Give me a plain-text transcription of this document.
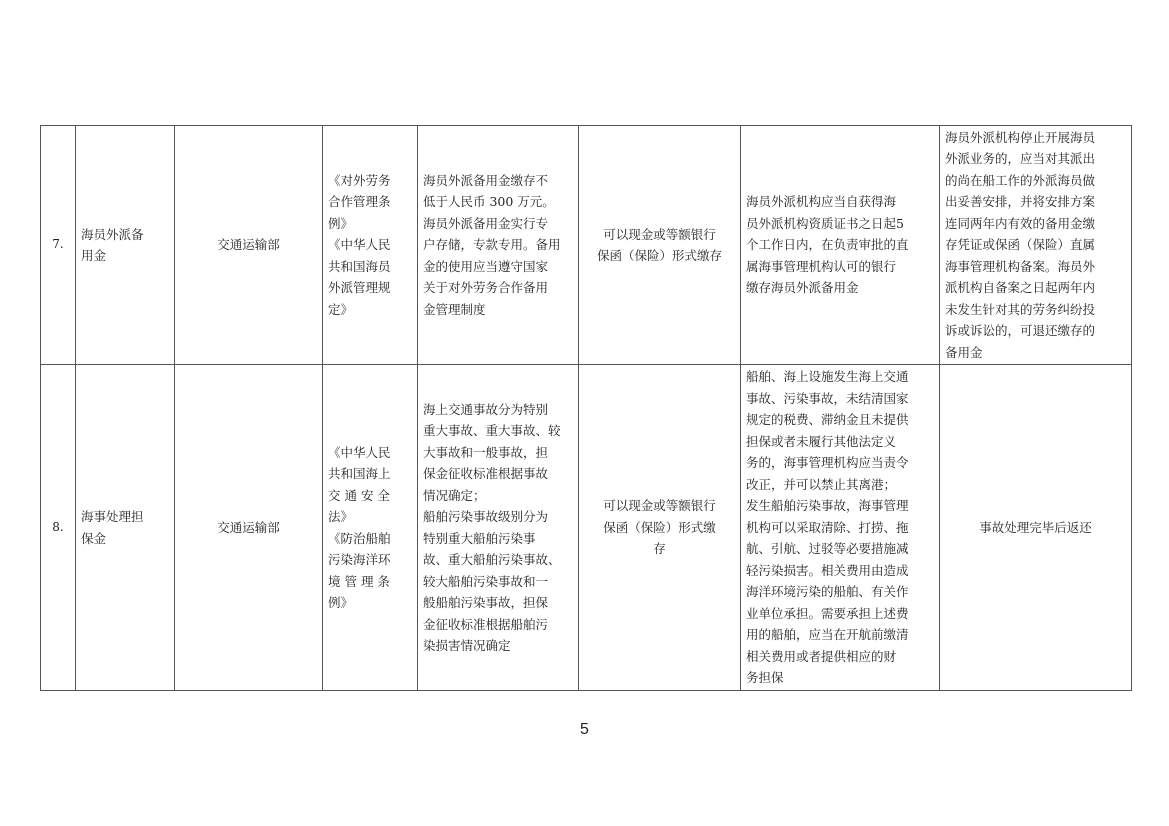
7.	海员外派备
用金	交通运输部	《对外劳务
合作管理条
例》
《中华人民
共和国海员
外派管理规
定》	海员外派备用金缴存不
低于人民币 300 万元。
海员外派备用金实行专
户存储，专款专用。备用
金的使用应当遵守国家
关于对外劳务合作备用
金管理制度	可以现金或等额银行
保函（保险）形式缴存	海员外派机构应当自获得海
员外派机构资质证书之日起5
个工作日内，在负责审批的直
属海事管理机构认可的银行
缴存海员外派备用金	海员外派机构停止开展海员
外派业务的，应当对其派出
的尚在船工作的外派海员做
出妥善安排，并将安排方案
连同两年内有效的备用金缴
存凭证或保函（保险）直属
海事管理机构备案。海员外
派机构自备案之日起两年内
未发生针对其的劳务纠纷投
诉或诉讼的，可退还缴存的
备用金
8.	海事处理担
保金	交通运输部	《中华人民
共和国海上
交 通 安 全
法》
《防治船舶
污染海洋环
境 管 理 条
例》	海上交通事故分为特别
重大事故、重大事故、较
大事故和一般事故，担
保金征收标准根据事故
情况确定；
船舶污染事故级别分为
特别重大船舶污染事
故、重大船舶污染事故、
较大船舶污染事故和一
般船舶污染事故，担保
金征收标准根据船舶污
染损害情况确定	可以现金或等额银行
保函（保险）形式缴
存	船舶、海上设施发生海上交通
事故、污染事故，未结清国家
规定的税费、滞纳金且未提供
担保或者未履行其他法定义
务的，海事管理机构应当责令
改正，并可以禁止其离港；
发生船舶污染事故，海事管理
机构可以采取清除、打捞、拖
航、引航、过驳等必要措施减
轻污染损害。相关费用由造成
海洋环境污染的船舶、有关作
业单位承担。需要承担上述费
用的船舶，应当在开航前缴清
相关费用或者提供相应的财
务担保	事故处理完毕后返还
5
